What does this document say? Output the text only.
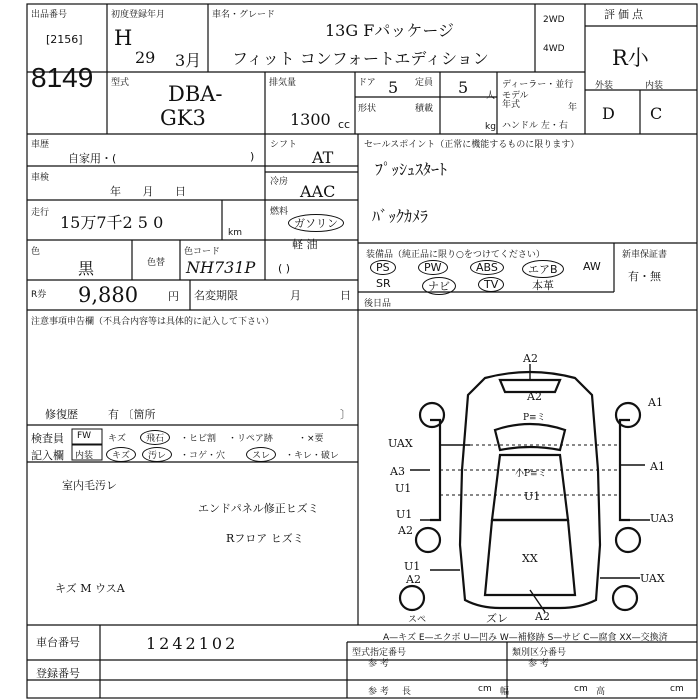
出品番号
[2156]
8149
初度登録年月
H
29 3月
車名・グレード
13G Fパッケージ
フィット コンフォートエディション
2WD
4WD
評価点
R小
型式 DBA-
GK3
排気量
1300 cc
ドア 5 定員 5 人
形状	積載
kg
ディーラー・並行
モデル年式	年
ハンドル 左・右
外装	内装
D C
車歴
自家用・(	)
車検
年 月 日
走行 15万7千2 5 0
km
色
黒	色替
色コード
NH731P
シフト
AT
冷房 AAC
燃料
ガソリン
軽 油
( )
R券 9,880	円 名変期限	月	日
セールスポイント（正常に機能するものに限ります）
ﾌﾟｯｼｭｽﾀｰﾄ
ﾊﾞｯｸｶﾒﾗ
装備品（純正品に限り○をつけてください）
PS	PW	ABS	エアB	AW
SR	ナビ	TV	本革
新車保証書
有・無
後日品
注意事項申告欄（不具合内容等は具体的に記入して下さい）
修復歴	有 〔箇所	〕
検査員
記入欄
FW キズ	飛石	・ヒビ割 ・リペア跡	・×要
内装	キズ	汚レ	・コゲ・穴	スレ	・キレ・破レ
室内毛汚レ
エンドパネル修正ヒズミ
Rフロア ヒズミ
キズ M ウスA
A2
A2
P≡ミ
A1
UAX
A3
U1
A1
小P≡ミ
U1
U1	UA3
A2
XX
U1
A2	UAX
スペ	ズレ A2
A—キズ E—エクボ U—凹み W—補修跡 S—サビ C—腐食 XX—交換済
車台番号	1242102
登録番号
型式指定番号
参 考
類別区分番号
参 考
参 考 長	cm 幅	cm 高	cm
